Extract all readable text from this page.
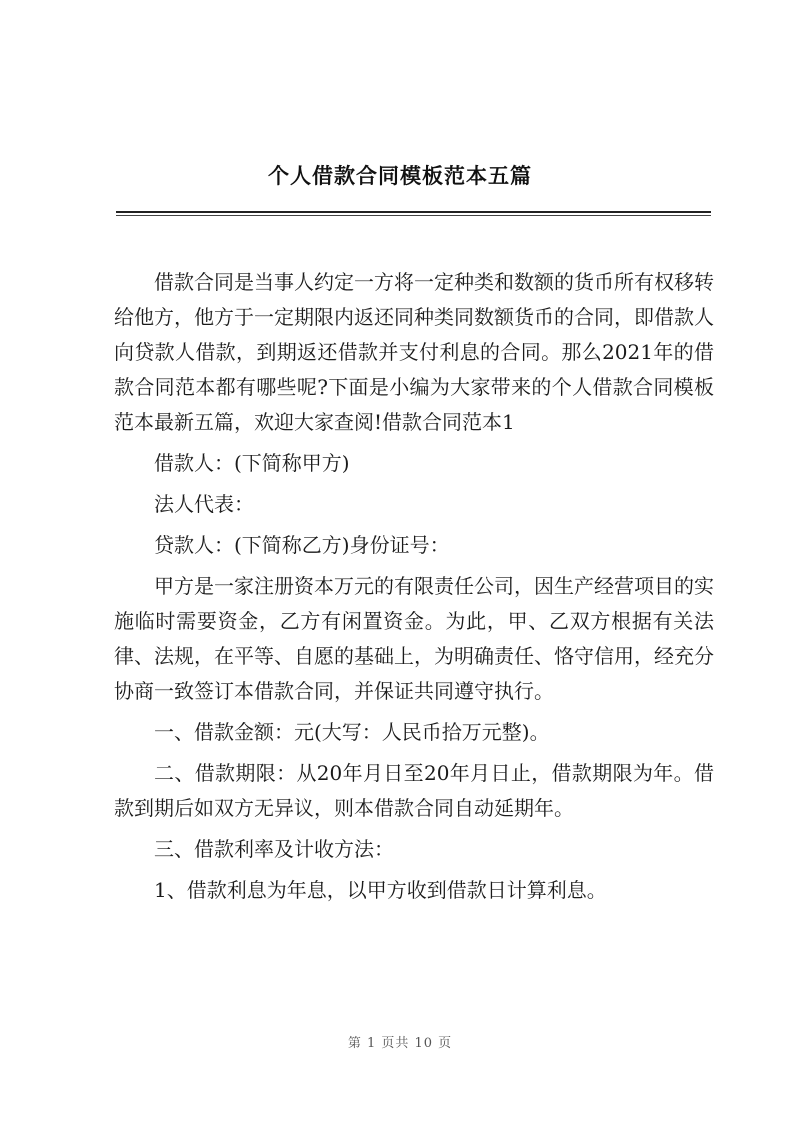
个人借款合同模板范本五篇

借款合同是当事人约定一方将一定种类和数额的货币所有权移转给他方，他方于一定期限内返还同种类同数额货币的合同，即借款人向贷款人借款，到期返还借款并支付利息的合同。那么2021年的借款合同范本都有哪些呢?下面是小编为大家带来的个人借款合同模板范本最新五篇，欢迎大家查阅!借款合同范本1

借款人：(下简称甲方)

法人代表：

贷款人：(下简称乙方)身份证号：

甲方是一家注册资本万元的有限责任公司，因生产经营项目的实施临时需要资金，乙方有闲置资金。为此，甲、乙双方根据有关法律、法规，在平等、自愿的基础上，为明确责任、恪守信用，经充分协商一致签订本借款合同，并保证共同遵守执行。

一、借款金额：元(大写：人民币拾万元整)。

二、借款期限：从20年月日至20年月日止，借款期限为年。借款到期后如双方无异议，则本借款合同自动延期年。

三、借款利率及计收方法：

1、借款利息为年息，以甲方收到借款日计算利息。

第 1 页共 10 页
